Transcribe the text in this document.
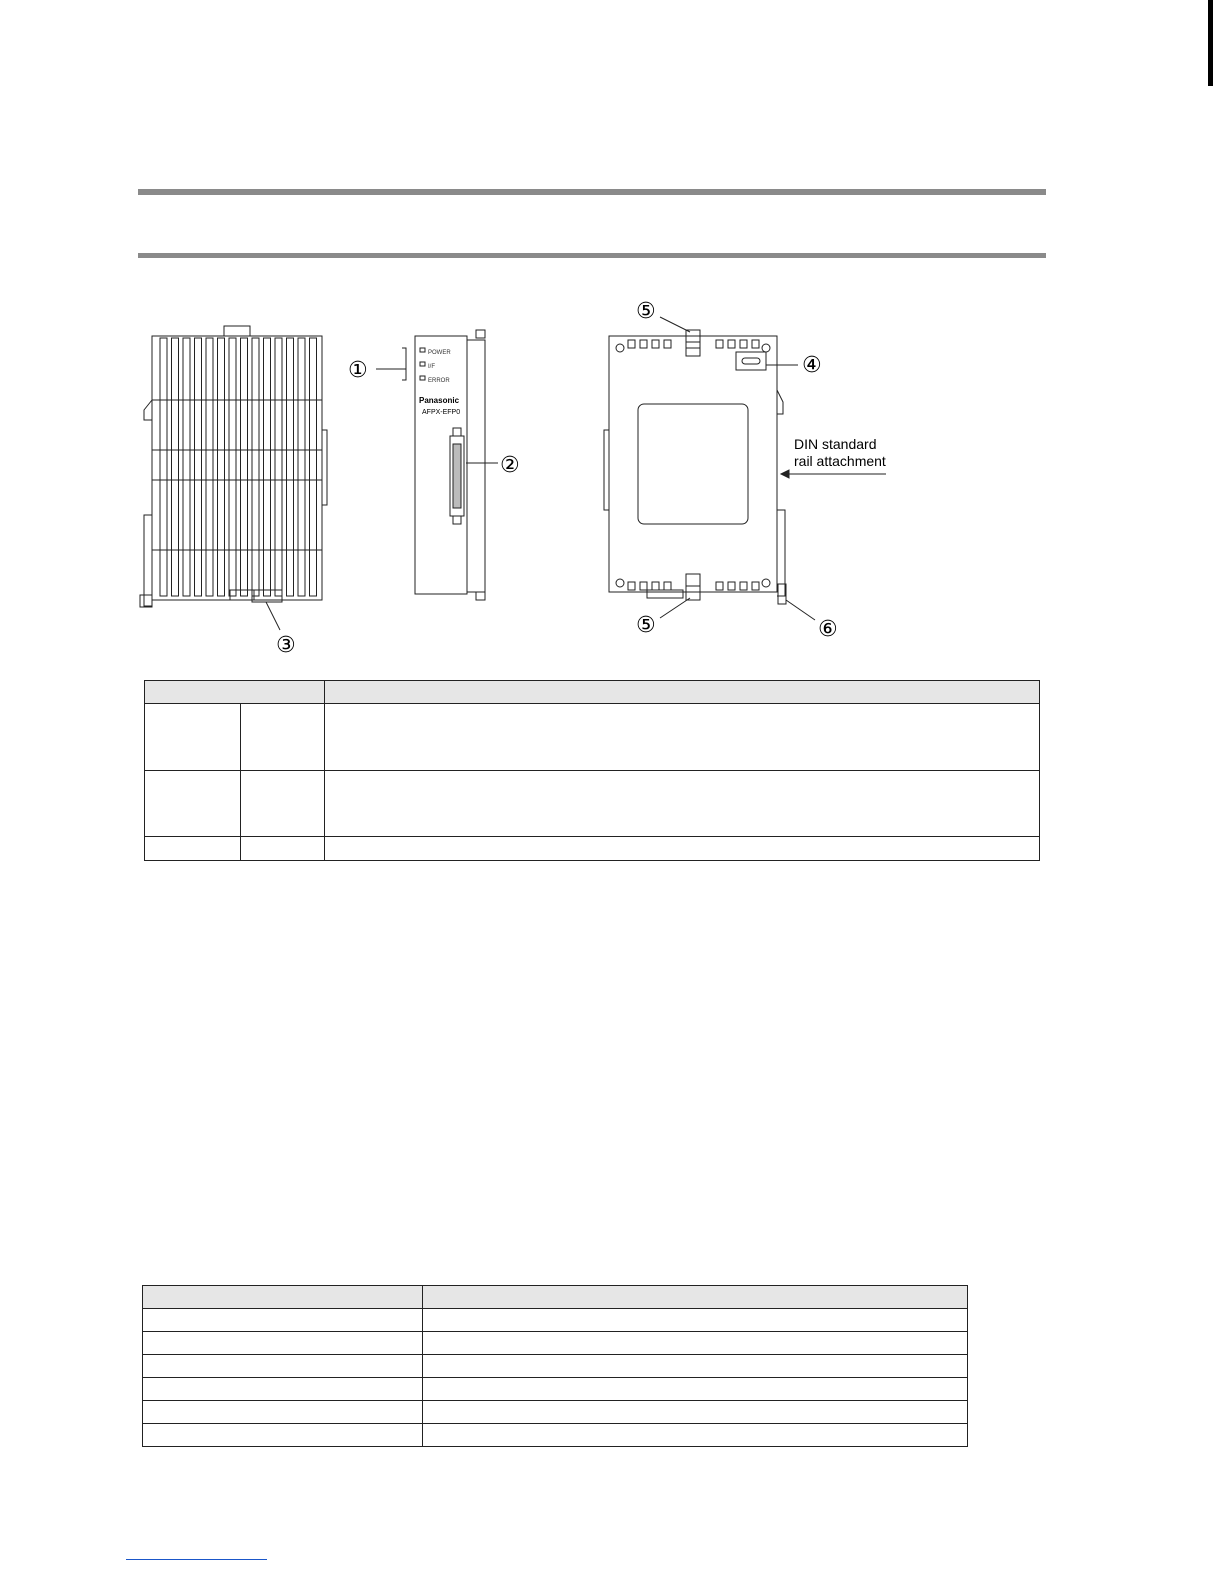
POWER
I/F
ERROR
Panasonic
AFPX-EFP0
DIN standard
rail attachment
①
②
③
④
⑤
⑤	⑥
